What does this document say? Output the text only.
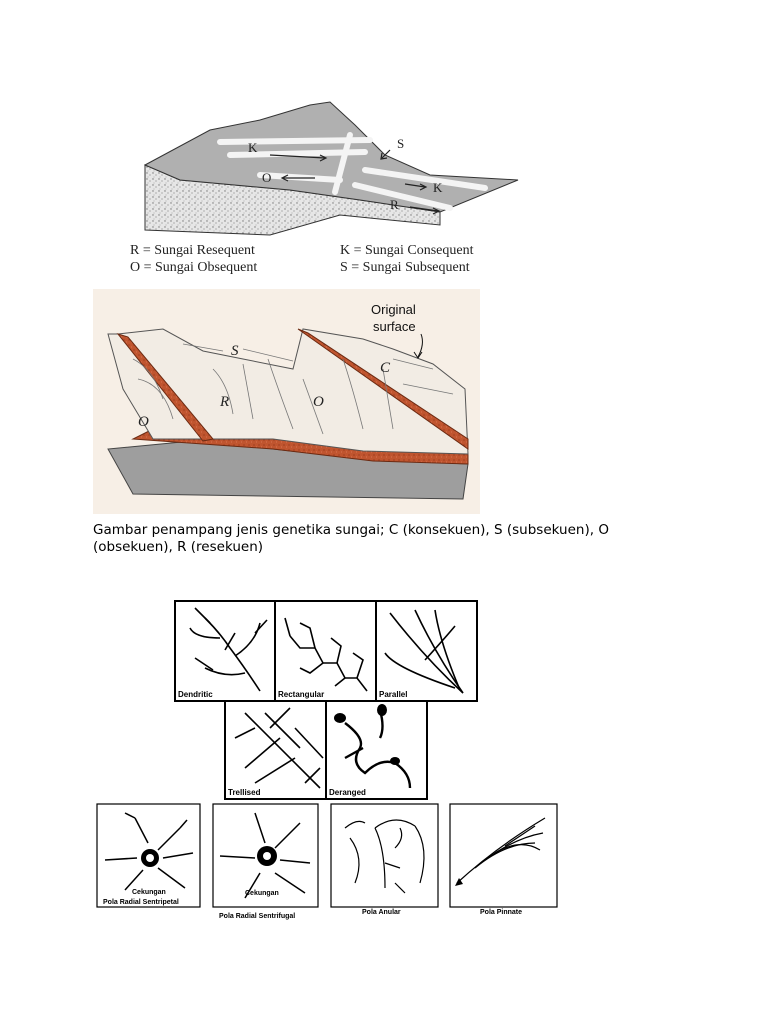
K	S
O
K
R
R = Sungai Resequent
O = Sungai Obsequent
K = Sungai Consequent
S = Sungai Subsequent
Original
surface
S
C
O
R	O
Gambar penampang jenis genetika sungai; C (konsekuen), S (subsekuen), O (obsekuen), R (resekuen)
Dendritic	Rectangular	Parallel
Trellised	Deranged
Cekungan
Pola Radial Sentripetal
Cekungan
Pola Radial Sentrifugal
Pola Anular	Pola Pinnate
